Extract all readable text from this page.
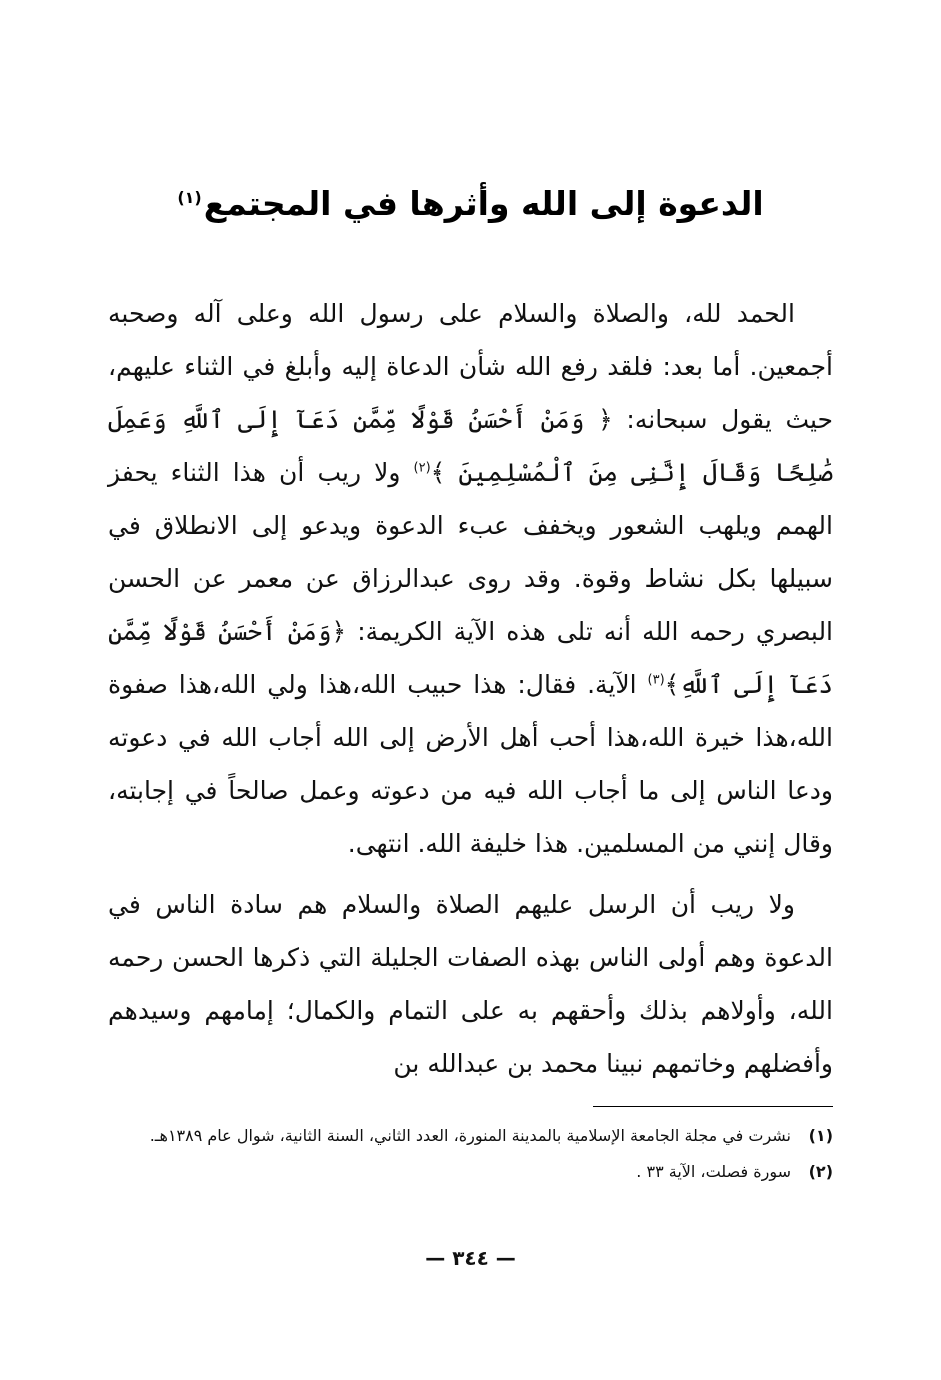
الدعوة إلى الله وأثرها في المجتمع$^{(١)}$

الحمد لله، والصلاة والسلام على رسول الله وعلى آله وصحبه أجمعين. أما بعد: فلقد رفع الله شأن الدعاة إليه وأبلغ في الثناء عليهم، حيث يقول سبحانه: ﴿ وَمَنْ أَحْسَنُ قَوْلًا مِّمَّن دَعَآ إِلَى ٱللَّهِ وَعَمِلَ صَٰلِحًا وَقَالَ إِنَّنِى مِنَ ٱلْمُسْلِمِينَ ﴾$^{(٢)}$ ولا ريب أن هذا الثناء يحفز الهمم ويلهب الشعور ويخفف عبء الدعوة ويدعو إلى الانطلاق في سبيلها بكل نشاط وقوة. وقد روى عبدالرزاق عن معمر عن الحسن البصري رحمه الله أنه تلى هذه الآية الكريمة: ﴿وَمَنْ أَحْسَنُ قَوْلًا مِّمَّن دَعَآ إِلَى ٱللَّهِ﴾$^{(٣)}$ الآية. فقال: هذا حبيب الله،هذا ولي الله،هذا صفوة الله،هذا خيرة الله،هذا أحب أهل الأرض إلى الله أجاب الله في دعوته ودعا الناس إلى ما أجاب الله فيه من دعوته وعمل صالحاً في إجابته، وقال إنني من المسلمين. هذا خليفة الله. انتهى.

ولا ريب أن الرسل عليهم الصلاة والسلام هم سادة الناس في الدعوة وهم أولى الناس بهذه الصفات الجليلة التي ذكرها الحسن رحمه الله، وأولاهم بذلك وأحقهم به على التمام والكمال؛ إمامهم وسيدهم وأفضلهم وخاتمهم نبينا محمد بن عبدالله بن

(١)
نشرت في مجلة الجامعة الإسلامية بالمدينة المنورة، العدد الثاني، السنة الثانية، شوال عام ١٣٨٩هـ.
(٢)
سورة فصلت، الآية ٣٣ .
— ٣٤٤ —
